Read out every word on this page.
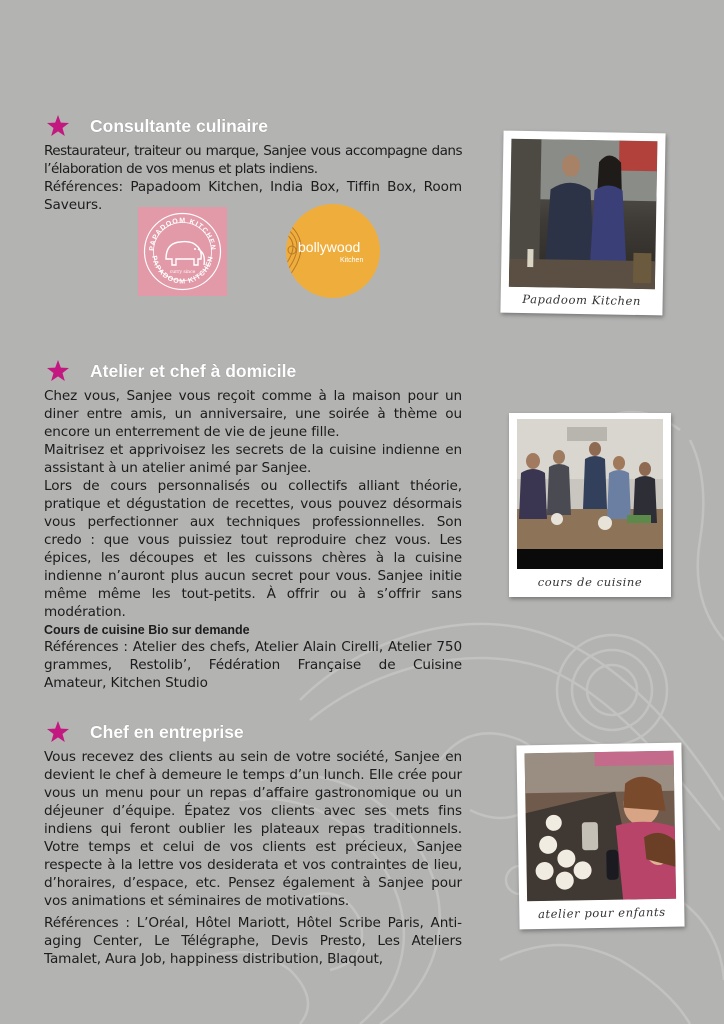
Consultante culinaire

Restaurateur, traiteur ou marque, Sanjee vous accompagne dans l’élaboration de vos menus et plats indiens.

Références: Papadoom Kitchen, India Box, Tiffin Box, Room Saveurs.

PAPADOOM KITCHEN
PAPADOOM KITCHEN
curry since
bollywood
Kitchen
Atelier et chef à domicile

Chez vous, Sanjee vous reçoit comme à la maison pour un diner entre amis, un anniversaire, une soirée à thème ou encore un enterrement de vie de jeune fille.

Maitrisez et apprivoisez les secrets de la cuisine indienne en assistant à un atelier animé par Sanjee.

Lors de cours personnalisés ou collectifs alliant théorie, pratique et dégustation de recettes, vous pouvez désormais vous perfectionner aux techniques professionnelles. Son credo : que vous puissiez tout reproduire chez vous. Les épices, les découpes et les cuissons chères à la cuisine indienne n’auront plus aucun secret pour vous. Sanjee initie même même les tout-petits. À offrir ou à s’offrir sans modération.

Cours de cuisine Bio sur demande

Références : Atelier des chefs, Atelier Alain Cirelli, Atelier 750 grammes, Restolib’, Fédération Française de Cuisine Amateur, Kitchen Studio

Chef en entreprise

Vous recevez des clients au sein de votre société, Sanjee en devient le chef à demeure le temps d’un lunch. Elle crée pour vous un menu pour un repas d’affaire gastronomique ou un déjeuner d’équipe. Épatez vos clients avec ses mets fins indiens qui feront oublier les plateaux repas traditionnels. Votre temps et celui de vos clients est précieux, Sanjee respecte à la lettre vos desiderata et vos contraintes de lieu, d’horaires, d’espace, etc. Pensez également à Sanjee pour vos animations et séminaires de motivations.

Références : L’Oréal, Hôtel Mariott, Hôtel Scribe Paris, Anti-aging Center, Le Télégraphe, Devis Presto, Les Ateliers Tamalet, Aura Job, happiness distribution, Blaqout,

Papadoom Kitchen
cours de cuisine
atelier pour enfants
